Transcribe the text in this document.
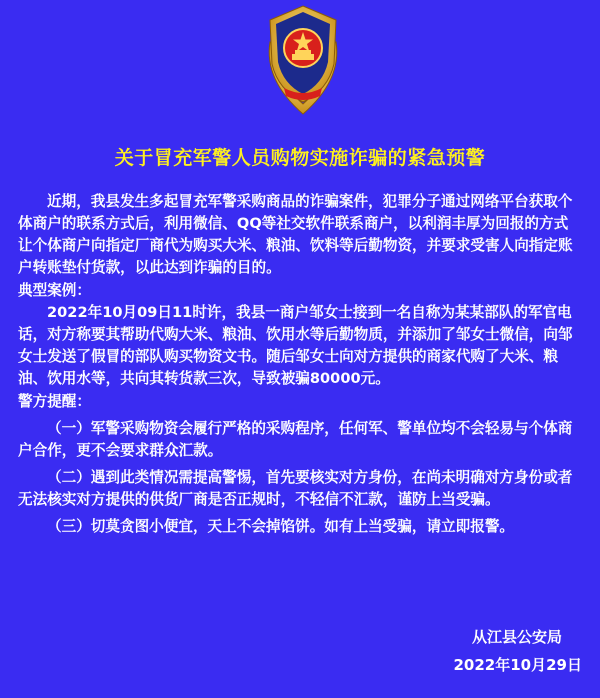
关于冒充军警人员购物实施诈骗的紧急预警

近期，我县发生多起冒充军警采购商品的诈骗案件，犯罪分子通过网络平台获取个体商户的联系方式后，利用微信、QQ等社交软件联系商户，以利润丰厚为回报的方式让个体商户向指定厂商代为购买大米、粮油、饮料等后勤物资，并要求受害人向指定账户转账垫付货款，以此达到诈骗的目的。

典型案例：

2022年10月09日11时许，我县一商户邹女士接到一名自称为某某部队的军官电话，对方称要其帮助代购大米、粮油、饮用水等后勤物质，并添加了邹女士微信，向邹女士发送了假冒的部队购买物资文书。随后邹女士向对方提供的商家代购了大米、粮油、饮用水等，共向其转货款三次，导致被骗80000元。

警方提醒：

（一）军警采购物资会履行严格的采购程序，任何军、警单位均不会轻易与个体商户合作，更不会要求群众汇款。

（二）遇到此类情况需提高警惕，首先要核实对方身份，在尚未明确对方身份或者无法核实对方提供的供货厂商是否正规时，不轻信不汇款，谨防上当受骗。

（三）切莫贪图小便宜，天上不会掉馅饼。如有上当受骗，请立即报警。

从江县公安局
2022年10月29日
